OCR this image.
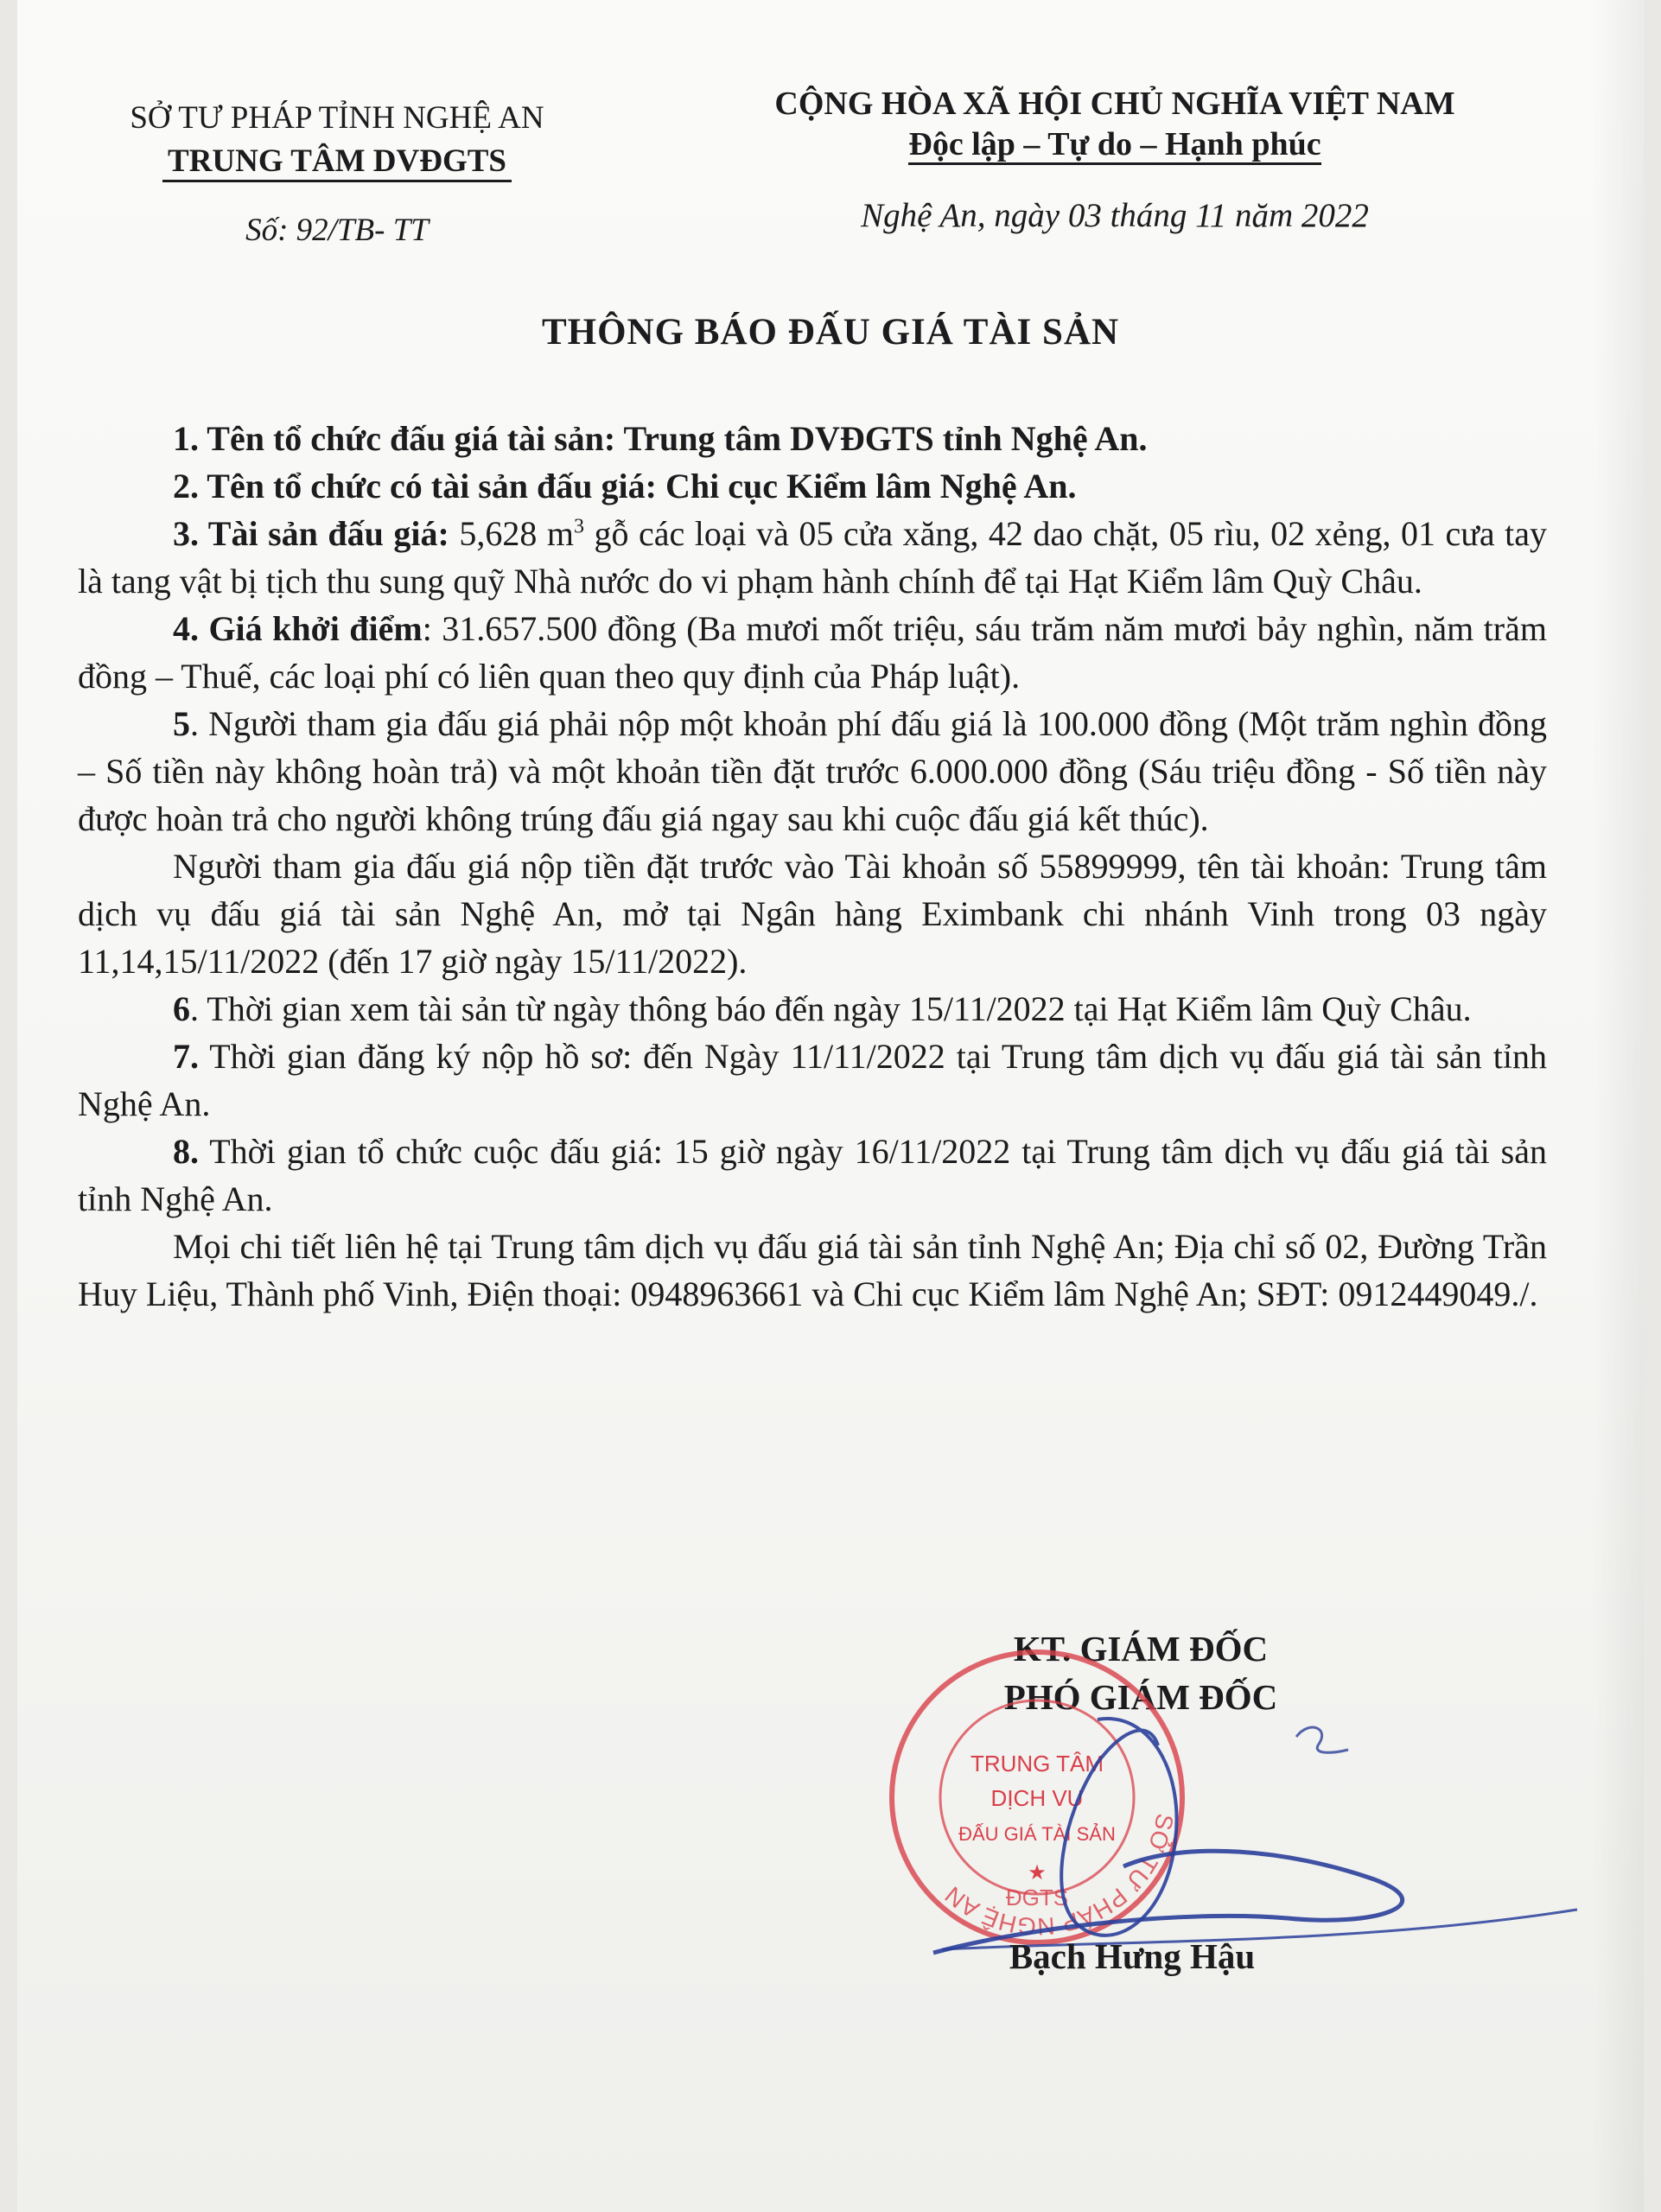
SỞ TƯ PHÁP TỈNH NGHỆ AN
TRUNG TÂM DVĐGTS
Số: 92/TB- TT
CỘNG HÒA XÃ HỘI CHỦ NGHĨA VIỆT NAM
Độc lập – Tự do – Hạnh phúc
Nghệ An, ngày 03 tháng 11 năm 2022
THÔNG BÁO ĐẤU GIÁ TÀI SẢN

1. Tên tổ chức đấu giá tài sản: Trung tâm DVĐGTS tỉnh Nghệ An.

2. Tên tổ chức có tài sản đấu giá: Chi cục Kiểm lâm Nghệ An.

3. Tài sản đấu giá: 5,628 $m^3$ gỗ các loại và 05 cửa xăng, 42 dao chặt, 05 rìu, 02 xẻng, 01 cưa tay là tang vật bị tịch thu sung quỹ Nhà nước do vi phạm hành chính để tại Hạt Kiểm lâm Quỳ Châu.

4. Giá khởi điểm: 31.657.500 đồng (Ba mươi mốt triệu, sáu trăm năm mươi bảy nghìn, năm trăm đồng – Thuế, các loại phí có liên quan theo quy định của Pháp luật).

5. Người tham gia đấu giá phải nộp một khoản phí đấu giá là 100.000 đồng (Một trăm nghìn đồng – Số tiền này không hoàn trả) và một khoản tiền đặt trước 6.000.000 đồng (Sáu triệu đồng - Số tiền này được hoàn trả cho người không trúng đấu giá ngay sau khi cuộc đấu giá kết thúc).

Người tham gia đấu giá nộp tiền đặt trước vào Tài khoản số 55899999, tên tài khoản: Trung tâm dịch vụ đấu giá tài sản Nghệ An, mở tại Ngân hàng Eximbank chi nhánh Vinh trong 03 ngày 11,14,15/11/2022 (đến 17 giờ ngày 15/11/2022).

6. Thời gian xem tài sản từ ngày thông báo đến ngày 15/11/2022 tại Hạt Kiểm lâm Quỳ Châu.

7. Thời gian đăng ký nộp hồ sơ: đến Ngày 11/11/2022 tại Trung tâm dịch vụ đấu giá tài sản tỉnh Nghệ An.

8. Thời gian tổ chức cuộc đấu giá: 15 giờ ngày 16/11/2022 tại Trung tâm dịch vụ đấu giá tài sản tỉnh Nghệ An.

Mọi chi tiết liên hệ tại Trung tâm dịch vụ đấu giá tài sản tỉnh Nghệ An; Địa chỉ số 02, Đường Trần Huy Liệu, Thành phố Vinh, Điện thoại: 0948963661 và Chi cục Kiểm lâm Nghệ An; SĐT: 0912449049./.

KT. GIÁM ĐỐC
PHÓ GIÁM ĐỐC
SỞ TƯ PHÁP NGHỆ AN	ĐGTS
TRUNG TÂM
DỊCH VỤ
ĐẤU GIÁ TÀI SẢN
★
Bạch Hưng Hậu
